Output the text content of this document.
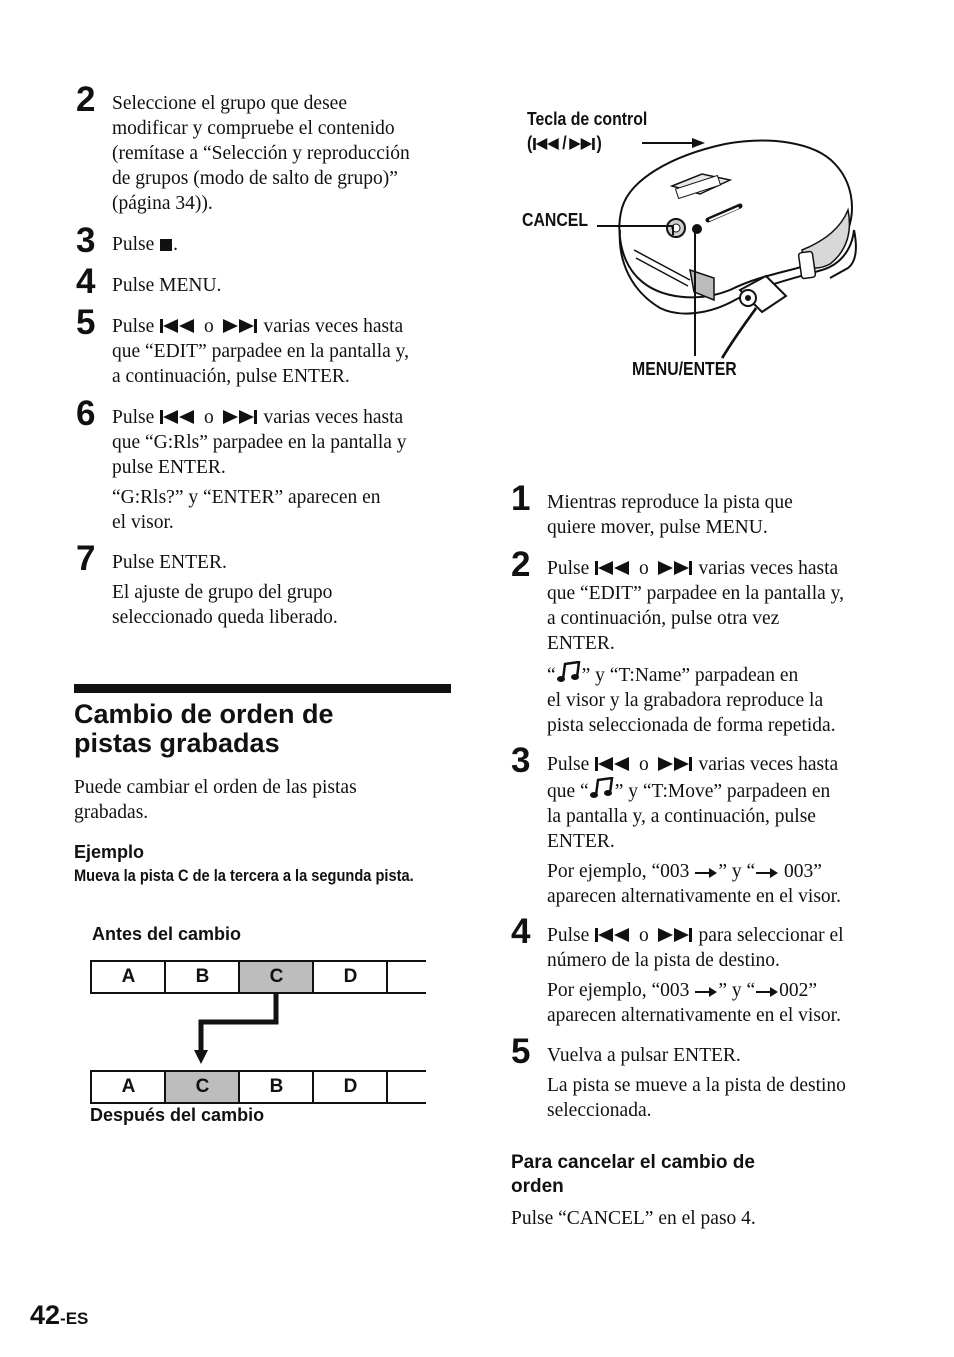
2 Seleccione el grupo que desee
modificar y compruebe el contenido
(remítase a “Selección y reproducción
de grupos (modo de salto de grupo)”
(página 34)).
3 Pulse .
4 Pulse MENU.
5 Pulse  o  varias veces hasta
que “EDIT” parpadee en la pantalla y,
a continuación, pulse ENTER.
6 Pulse  o  varias veces hasta
que “G:Rls” parpadee en la pantalla y
pulse ENTER.
“G:Rls?” y “ENTER” aparecen en
el visor.
7 Pulse ENTER.
El ajuste de grupo del grupo
seleccionado queda liberado.
Cambio de orden de
pistas grabadas
Puede cambiar el orden de las pistas
grabadas.
Ejemplo
Mueva la pista C de la tercera a la segunda pista.
Antes del cambio
A	B	C	D
A	C	B	D
Después del cambio
Tecla de control
( / )
CANCEL
MENU/ENTER
1 Mientras reproduce la pista que
quiere mover, pulse MENU.
2 Pulse  o  varias veces hasta
que “EDIT” parpadee en la pantalla y,
a continuación, pulse otra vez
ENTER.
“ ” y “T:Name” parpadean en
el visor y la grabadora reproduce la
pista seleccionada de forma repetida.
3 Pulse  o  varias veces hasta
que “ ” y “T:Move” parpadeen en
la pantalla y, a continuación, pulse
ENTER.
Por ejemplo, “003 ” y “ 003”
aparecen alternativamente en el visor.
4 Pulse  o  para seleccionar el
número de la pista de destino.
Por ejemplo, “003 ” y “ 002”
aparecen alternativamente en el visor.
5 Vuelva a pulsar ENTER.
La pista se mueve a la pista de destino
seleccionada.
Para cancelar el cambio de
orden
Pulse “CANCEL” en el paso 4.
42-ES
